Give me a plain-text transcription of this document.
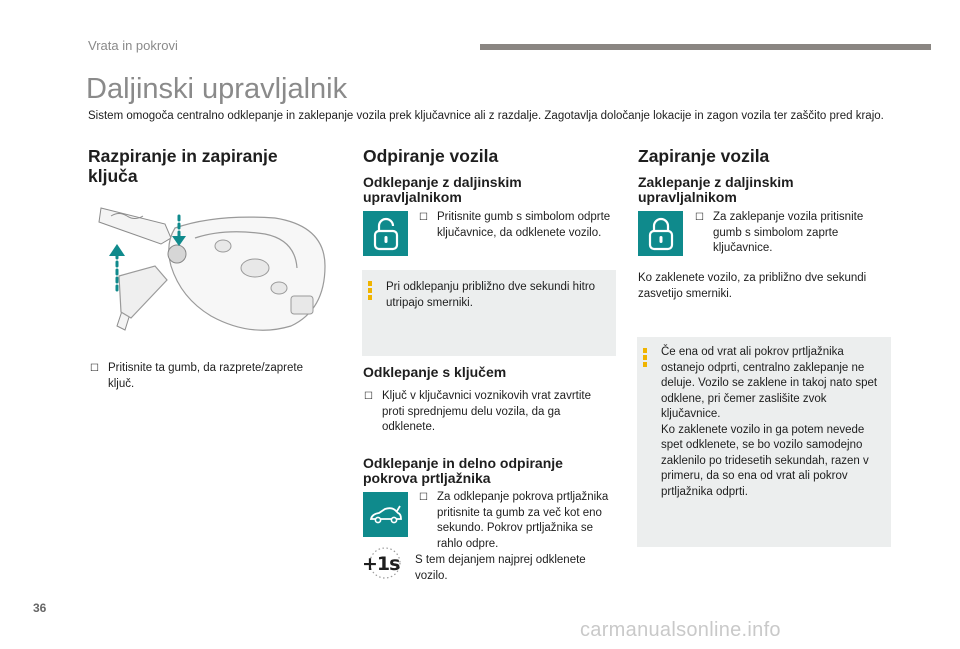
Vrata in pokrovi
Daljinski upravljalnik
Sistem omogoča centralno odklepanje in zaklepanje vozila prek ključavnice ali z razdalje. Zagotavlja določanje lokacije in zagon vozila ter zaščito pred krajo.
Razpiranje in zapiranje ključa
☐ Pritisnite ta gumb, da razprete/zaprete ključ.
Odpiranje vozila
Odklepanje z daljinskim upravljalnikom
☐ Pritisnite gumb s simbolom odprte ključavnice, da odklenete vozilo.
Pri odklepanju približno dve sekundi hitro utripajo smerniki.
Odklepanje s ključem
☐ Ključ v ključavnici voznikovih vrat zavrtite proti sprednjemu delu vozila, da ga odklenete.
Odklepanje in delno odpiranje pokrova prtljažnika
☐ Za odklepanje pokrova prtljažnika pritisnite ta gumb za več kot eno sekundo. Pokrov prtljažnika se rahlo odpre.
+1s S tem dejanjem najprej odklenete vozilo.
Zapiranje vozila
Zaklepanje z daljinskim upravljalnikom
☐ Za zaklepanje vozila pritisnite gumb s simbolom zaprte ključavnice.
Ko zaklenete vozilo, za približno dve sekundi zasvetijo smerniki.
Če ena od vrat ali pokrov prtljažnika ostanejo odprti, centralno zaklepanje ne deluje. Vozilo se zaklene in takoj nato spet odklene, pri čemer zaslišite zvok ključavnice.
Ko zaklenete vozilo in ga potem nevede spet odklenete, se bo vozilo samodejno zaklenilo po tridesetih sekundah, razen v primeru, da so ena od vrat ali pokrov prtljažnika odprti.
36
carmanualsonline.info
